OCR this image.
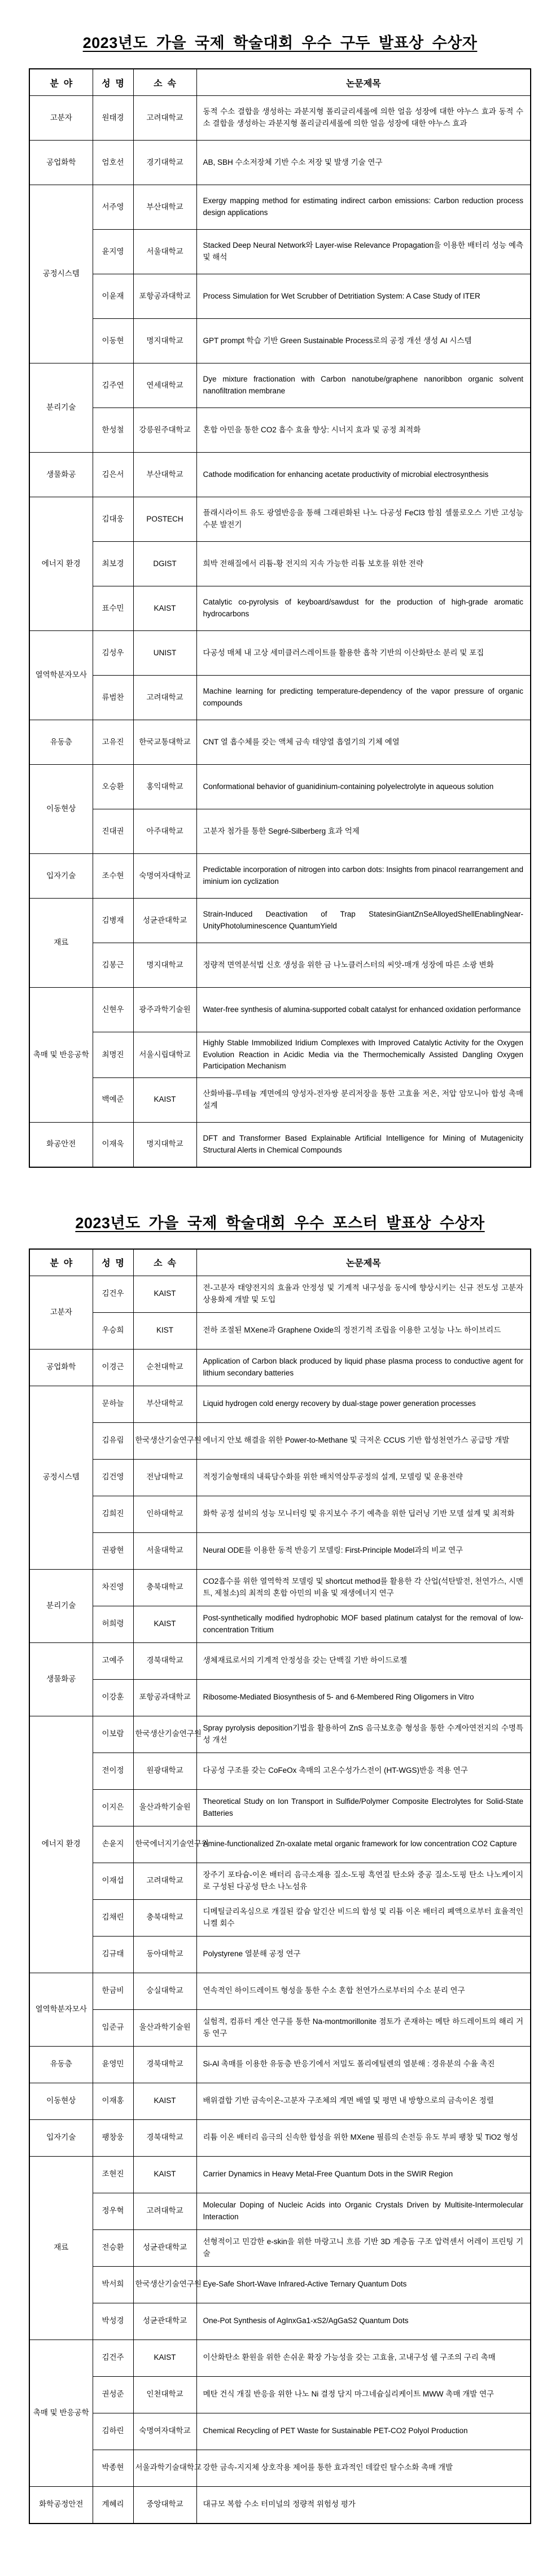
2023년도 가을 국제 학술대회 우수 구두 발표상 수상자
분  야	성  명	소  속	논문제목
고분자	원태경	고려대학교	동적 수소 결합을 생성하는 과분지형 폴리글리세롤에 의한 얼음 성장에 대한 야누스 효과 동적 수소 결합을 생성하는 과분지형 폴리글리세롤에 의한 얼음 성장에 대한 야누스 효과
공업화학	엄호선	경기대학교	AB, SBH 수소저장체 기반 수소 저장 및 발생 기술 연구
공정시스템	서주영	부산대학교	Exergy mapping method for estimating indirect carbon emissions: Carbon reduction process design applications
	윤지영	서울대학교	Stacked Deep Neural Network와 Layer-wise Relevance Propagation을 이용한 배터리 성능 예측 및 해석
	이윤재	포항공과대학교	Process Simulation for Wet Scrubber of Detritiation System: A Case Study of ITER
	이동현	명지대학교	GPT prompt 학습 기반 Green Sustainable Process로의 공정 개선 생성 AI 시스템
분리기술	김주연	연세대학교	Dye mixture fractionation with Carbon nanotube/graphene nanoribbon organic solvent nanofiltration membrane
	한성철	강릉원주대학교	혼합 아민을 통한 CO2 흡수 효율 향상: 시너지 효과 및 공정 최적화
생물화공	김은서	부산대학교	Cathode modification for enhancing acetate productivity of microbial electrosynthesis
에너지 환경	김대웅	POSTECH	플래시라이트 유도 광열반응을 통해 그래핀화된 나노 다공성 FeCl3 함침 셀룰로오스 기반 고성능 수분 발전기
	최보경	DGIST	희박 전해질에서 리튬-황 전지의 지속 가능한 리튬 보호를 위한 전략
	표수민	KAIST	Catalytic co-pyrolysis of keyboard/sawdust for the production of high-grade aromatic hydrocarbons
열역학분자모사	김성우	UNIST	다공성 매체 내 고상 세미클러스레이트를 활용한 흡착 기반의 이산화탄소 분리 및 포집
	류범찬	고려대학교	Machine learning for predicting temperature-dependency of the vapor pressure of organic compounds
유동층	고유진	한국교통대학교	CNT 열 흡수체를 갖는 액체 금속 태양열 흡열기의 기체 예열
이동현상	오승환	홍익대학교	Conformational behavior of guanidinium-containing polyelectrolyte in aqueous solution
	진대권	아주대학교	고분자 첨가를 통한 Segré-Silberberg 효과 억제
입자기술	조수현	숙명여자대학교	Predictable incorporation of nitrogen into carbon dots: Insights from pinacol rearrangement and iminium ion cyclization
재료	김병재	성균관대학교	Strain-Induced Deactivation of Trap StatesinGiantZnSeAlloyedShellEnablingNear-UnityPhotoluminescence QuantumYield
	김봉근	명지대학교	정량적 면역분석법 신호 생성을 위한 금 나노클러스터의 씨앗-매개 성장에 따른 소광 변화
촉매 및 반응공학	신현우	광주과학기술원	Water-free synthesis of alumina-supported cobalt catalyst for enhanced oxidation performance
	최명진	서울시립대학교	Highly Stable Immobilized Iridium Complexes with Improved Catalytic Activity for the Oxygen Evolution Reaction in Acidic Media via the Thermochemically Assisted Dangling Oxygen Participation Mechanism
	백예준	KAIST	산화바륨-루테늄 계면에의 양성자-전자쌍 분리저장을 통한 고효율 저온, 저압 암모니아 합성 촉매 설계
화공안전	이재욱	명지대학교	DFT and Transformer Based Explainable Artificial Intelligence for Mining of Mutagenicity Structural Alerts in Chemical Compounds
2023년도 가을 국제 학술대회 우수 포스터 발표상 수상자
분  야	성  명	소  속	논문제목
고분자	김건우	KAIST	전-고분자 태양전지의 효율과 안정성 및 기계적 내구성을 동시에 향상시키는 신규 전도성 고분자 상용화제 개발 및 도입
	우승희	KIST	전하 조절된 MXene과 Graphene Oxide의 정전기적 조립을 이용한 고성능 나노 하이브리드
공업화학	이경근	순천대학교	Application of Carbon black produced by liquid phase plasma process to conductive agent for lithium secondary batteries
공정시스템	문하늘	부산대학교	Liquid hydrogen cold energy recovery by dual-stage power generation processes
	김유림	한국생산기술연구원	에너지 안보 해결을 위한 Power-to-Methane 및 극저온 CCUS 기반 합성천연가스 공급망 개발
	김건영	전남대학교	적정기술형태의 내륙담수화를 위한 배치역삼투공정의 설계, 모델링 및 운용전략
	김희진	인하대학교	화학 공정 설비의 성능 모니터링 및 유지보수 주기 예측을 위한 딥러닝 기반 모델 설계 및 최적화
	권광현	서울대학교	Neural ODE를 이용한 동적 반응기 모델링: First-Principle Model과의 비교 연구
분리기술	차진영	충북대학교	CO2흡수를 위한 열역학적 모델링 및 shortcut method를 활용한 각 산업(석탄발전, 천연가스, 시멘트, 제철소)의 최적의 혼합 아민의 비율 및 재생에너지 연구
	허희령	KAIST	Post-synthetically modified hydrophobic MOF based platinum catalyst for the removal of low-concentration Tritium
생물화공	고예주	경북대학교	생체재료로서의 기계적 안정성을 갖는 단백질 기반 하이드로젤
	이강훈	포항공과대학교	Ribosome-Mediated Biosynthesis of 5- and 6-Membered Ring Oligomers in Vitro
에너지 환경	이보람	한국생산기술연구원	Spray pyrolysis deposition기법을 활용하여 ZnS 음극보호층 형성을 통한 수계아연전지의 수명특성 개선
	전이정	원광대학교	다공성 구조를 갖는 CoFeOx 촉매의 고온수성가스전이 (HT-WGS)반응 적용 연구
	이지은	울산과학기술원	Theoretical Study on Ion Transport in Sulfide/Polymer Composite Electrolytes for Solid-State Batteries
	손윤지	한국에너지기술연구원	Amine-functionalized Zn-oxalate metal organic framework for low concentration CO2 Capture
	이재섭	고려대학교	장주기 포타슘-이온 배터리 음극소재용 질소-도핑 흑연질 탄소와 중공 질소-도핑 탄소 나노케이지로 구성된 다공성 탄소 나노섬유
	김채린	충북대학교	디메틸글리옥심으로 개질된 칼슘 알긴산 비드의 합성 및 리튬 이온 배터리 폐액으로부터 효율적인 니켈 회수
	김규태	동아대학교	Polystyrene 열분해 공정 연구
열역학분자모사	한금비	숭실대학교	연속적인 하이드레이트 형성을 통한 수소 혼합 천연가스로부터의 수소 분리 연구
	임준규	울산과학기술원	실험적, 컴퓨터 계산 연구를 통한 Na-montmorillonite 점토가 존재하는 메탄 하드레이트의 해리 거동 연구
유동층	윤영민	경북대학교	Si-Al 촉매를 이용한 유동층 반응기에서 저밀도 폴리에틸렌의 열분해 : 경유분의 수율 촉진
이동현상	이재홍	KAIST	배위결합 기반 금속이온-고분자 구조체의 계면 배열 및 평면 내 방향으로의 금속이온 정렬
입자기술	팽창웅	경북대학교	리튬 이온 배터리 음극의 신속한 합성을 위한 MXene 필름의 손전등 유도 부피 팽창 및 TiO2 형성
재료	조현진	KAIST	Carrier Dynamics in Heavy Metal-Free Quantum Dots in the SWIR Region
	정우혁	고려대학교	Molecular Doping of Nucleic Acids into Organic Crystals Driven by Multisite-Intermolecular Interaction
	전승환	성균관대학교	선형적이고 민감한 e-skin을 위한 마랑고니 흐름 기반 3D 계층돔 구조 압력센서 어레이 프린팅 기술
	박서희	한국생산기술연구원	Eye-Safe Short-Wave Infrared-Active Ternary Quantum Dots
	박성경	성균관대학교	One-Pot Synthesis of AgInxGa1-xS2/AgGaS2 Quantum Dots
촉매 및 반응공학	김건주	KAIST	이산화탄소 환원을 위한 손쉬운 확장 가능성을 갖는 고효율, 고내구성 쉘 구조의 구리 촉매
	권성준	인천대학교	메탄 건식 개질 반응을 위한 나노 Ni 결정 담지 마그네슘실리케이트 MWW 촉매 개발 연구
	김하린	숙명여자대학교	Chemical Recycling of PET Waste for Sustainable PET-CO2 Polyol Production
	박종현	서울과학기술대학교	강한 금속-지지체 상호작용 제어를 통한 효과적인 데칼린 탈수소화 촉매 개발
화학공정안전	계혜리	중앙대학교	대규모 복합 수소 터미널의 정량적 위험성 평가
